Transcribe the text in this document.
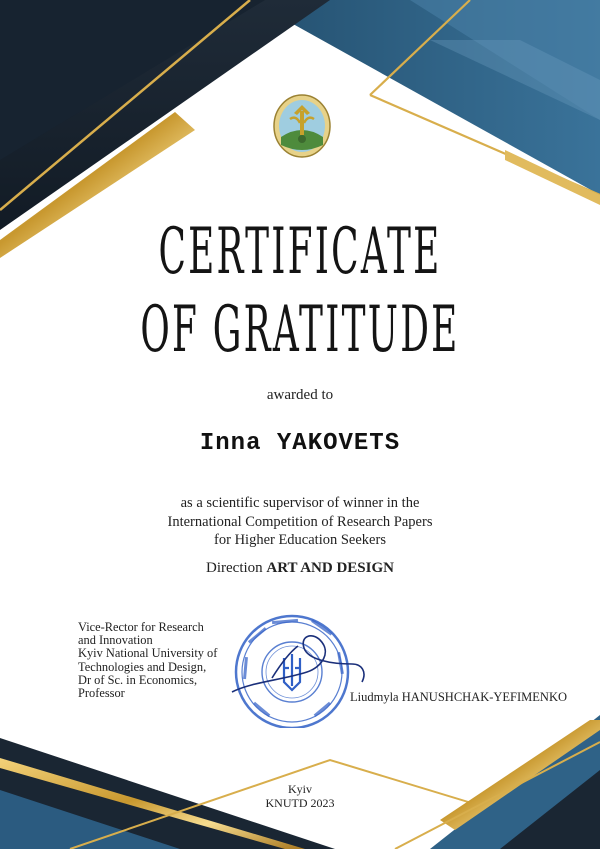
CERTIFICATE
OF GRATITUDE
awarded to
Inna YAKOVETS
as a scientific supervisor of winner in the
International Competition of Research Papers
for Higher Education Seekers
Direction ART AND DESIGN
Vice-Rector for Research
and Innovation
Kyiv National University of
Technologies and Design,
Dr of Sc. in Economics,
Professor	Liudmyla HANUSHCHAK-YEFIMENKO
Kyiv
KNUTD 2023
